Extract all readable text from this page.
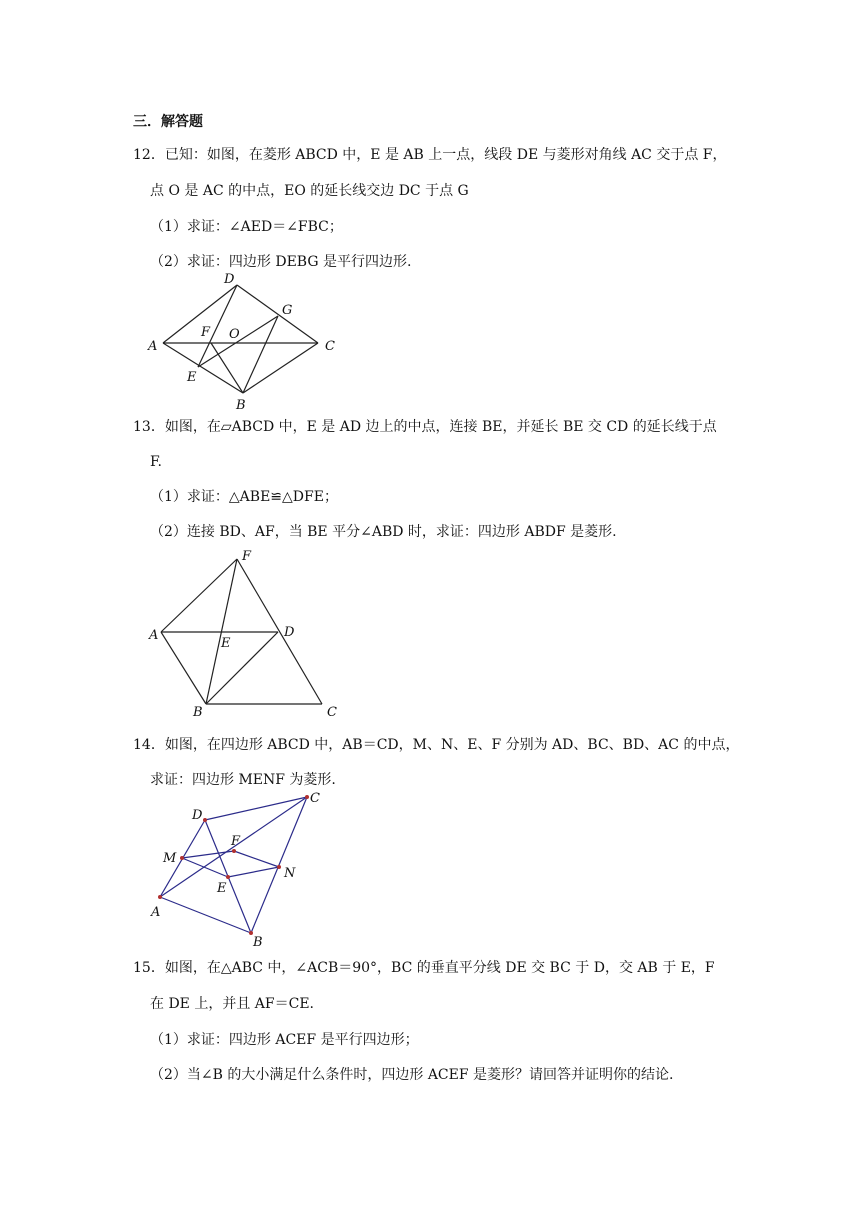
三．解答题
12．已知：如图，在菱形 ABCD 中，E 是 AB 上一点，线段 DE 与菱形对角线 AC 交于点 F，
点 O 是 AC 的中点，EO 的延长线交边 DC 于点 G
（1）求证：∠AED＝∠FBC；
（2）求证：四边形 DEBG 是平行四边形.
A
B
C
D
E
F
G
O
13．如图，在▱ABCD 中，E 是 AD 边上的中点，连接 BE，并延长 BE 交 CD 的延长线于点
F.
（1）求证：△ABE≌△DFE；
（2）连接 BD、AF，当 BE 平分∠ABD 时，求证：四边形 ABDF 是菱形.
A
B	C
D
E
F
14．如图，在四边形 ABCD 中，AB＝CD，M、N、E、F 分别为 AD、BC、BD、AC 的中点，
求证：四边形 MENF 为菱形.
A
B
C
D
E
F
M
N
15．如图，在△ABC 中，∠ACB＝90°，BC 的垂直平分线 DE 交 BC 于 D，交 AB 于 E，F
在 DE 上，并且 AF＝CE.
（1）求证：四边形 ACEF 是平行四边形；
（2）当∠B 的大小满足什么条件时，四边形 ACEF 是菱形？请回答并证明你的结论.
